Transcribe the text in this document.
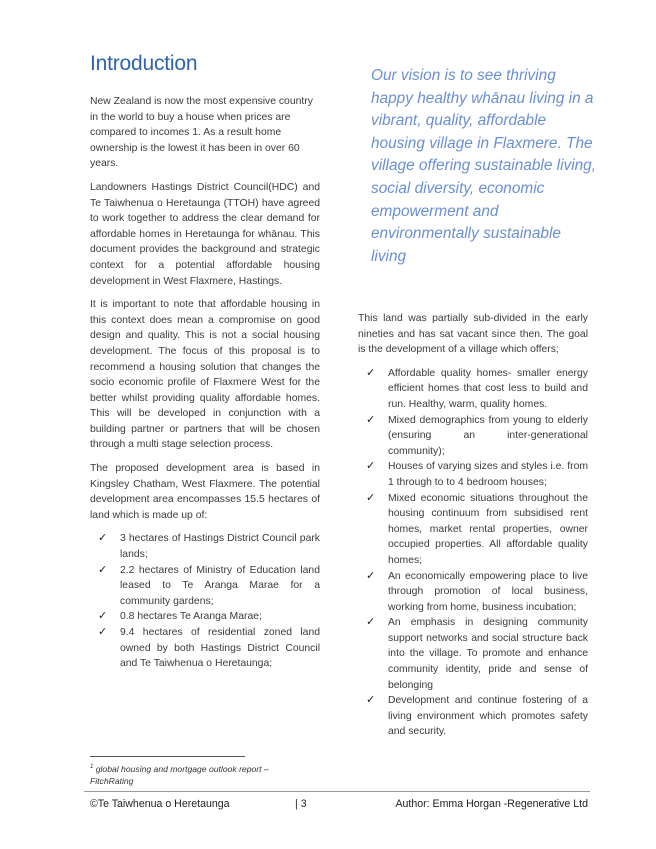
Introduction

New Zealand is now the most expensive country in the world to buy a house when prices are compared to incomes 1. As a result home ownership is the lowest it has been in over 60 years.

Landowners Hastings District Council(HDC) and Te Taiwhenua o Heretaunga (TTOH) have agreed to work together to address the clear demand for affordable homes in Heretaunga for whānau. This document provides the background and strategic context for a potential affordable housing development in West Flaxmere, Hastings.

It is important to note that affordable housing in this context does mean a compromise on good design and quality. This is not a social housing development. The focus of this proposal is to recommend a housing solution that changes the socio economic profile of Flaxmere West for the better whilst providing quality affordable homes. This will be developed in conjunction with a building partner or partners that will be chosen through a multi stage selection process.

The proposed development area is based in Kingsley Chatham, West Flaxmere. The potential development area encompasses 15.5 hectares of land which is made up of:

✓ 3 hectares of Hastings District Council park lands;
✓ 2.2 hectares of Ministry of Education land leased to Te Aranga Marae for a community gardens;
✓ 0.8 hectares Te Aranga Marae;
✓ 9.4 hectares of residential zoned land owned by both Hastings District Council and Te Taiwhenua o Heretaunga;
Our vision is to see thriving happy healthy whānau living in a vibrant, quality, affordable housing village in Flaxmere. The village offering sustainable living, social diversity, economic empowerment and environmentally sustainable living

This land was partially sub-divided in the early nineties and has sat vacant since then. The goal is the development of a village which offers;

✓ Affordable quality homes- smaller energy efficient homes that cost less to build and run. Healthy, warm, quality homes.
✓ Mixed demographics from young to elderly (ensuring an inter-generational community);
✓ Houses of varying sizes and styles i.e. from 1 through to to 4 bedroom houses;
✓ Mixed economic situations throughout the housing continuum from subsidised rent homes, market rental properties, owner occupied properties. All affordable quality homes;
✓ An economically empowering place to live through promotion of local business, working from home, business incubation;
✓ An emphasis in designing community support networks and social structure back into the village. To promote and enhance community identity, pride and sense of belonging
✓ Development and continue fostering of a living environment which promotes safety and security.
$^1$ global housing and mortgage outlook report – FitchRating
©Te Taiwhenua o Heretaunga	| 3	Author: Emma Horgan -Regenerative Ltd
